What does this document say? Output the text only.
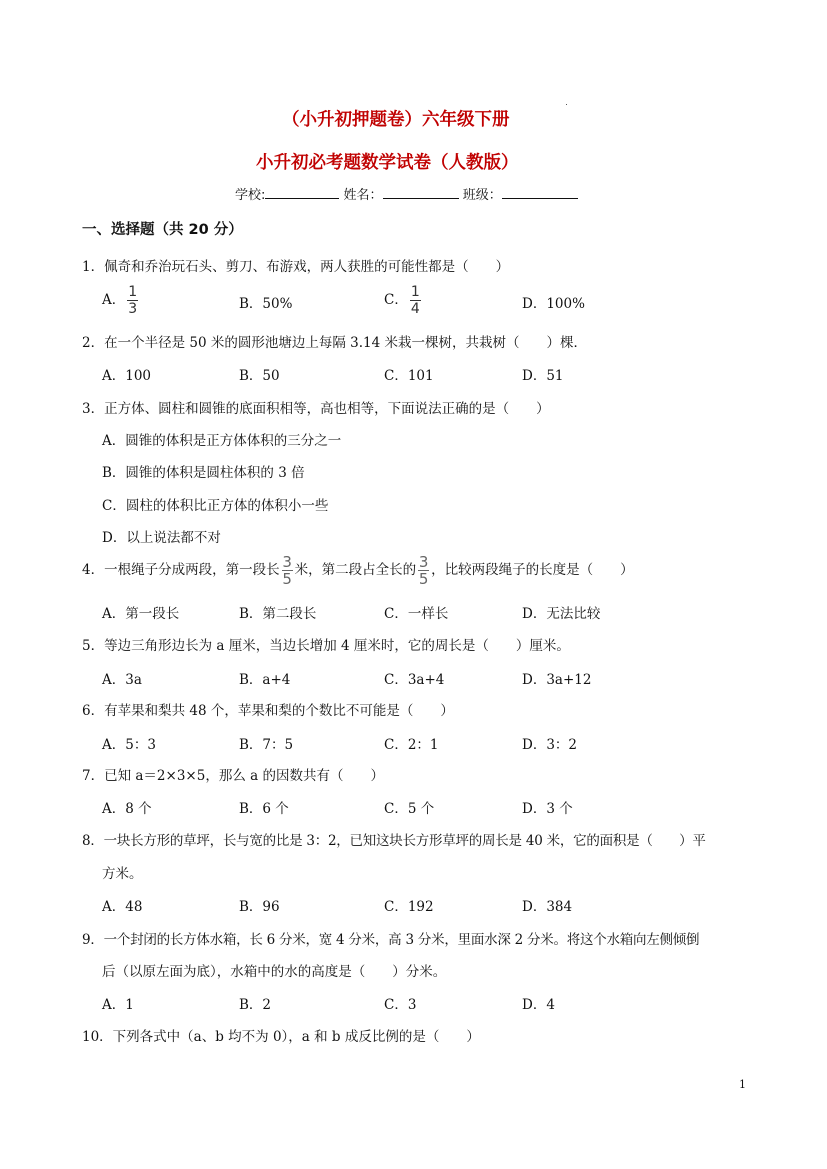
（小升初押题卷）六年级下册
小升初必考题数学试卷（人教版）
学校:	姓名：	班级：
一、选择题（共 20 分）
1．佩奇和乔治玩石头、剪刀、布游戏，两人获胜的可能性都是（　　）
A． $\frac{1}{3}$	B．50%	C． $\frac{1}{4}$	D．100%
2．在一个半径是 50 米的圆形池塘边上每隔 3.14 米栽一棵树，共栽树（　　）棵．
A．100	B．50	C．101	D．51
3．正方体、圆柱和圆锥的底面积相等，高也相等，下面说法正确的是（　　）
A．圆锥的体积是正方体体积的三分之一
B．圆锥的体积是圆柱体积的 3 倍
C．圆柱的体积比正方体的体积小一些
D．以上说法都不对
4．一根绳子分成两段，第一段长 $\frac{3}{5}$ 米，第二段占全长的 $\frac{3}{5}$ ，比较两段绳子的长度是（　　）
A．第一段长	B．第二段长	C．一样长	D．无法比较
5．等边三角形边长为 a 厘米，当边长增加 4 厘米时，它的周长是（　　）厘米。
A．3a	B．a+4	C．3a+4	D．3a+12
6．有苹果和梨共 48 个，苹果和梨的个数比不可能是（　　）
A．5：3	B．7：5	C．2：1	D．3：2
7．已知 a＝2×3×5，那么 a 的因数共有（　　）
A．8 个	B．6 个	C．5 个	D．3 个
8．一块长方形的草坪，长与宽的比是 3：2，已知这块长方形草坪的周长是 40 米，它的面积是（　　）平
方米。
A．48	B．96	C．192	D．384
9．一个封闭的长方体水箱，长 6 分米，宽 4 分米，高 3 分米，里面水深 2 分米。将这个水箱向左侧倾倒
后（以原左面为底），水箱中的水的高度是（　　）分米。
A．1	B．2	C．3	D．4
10．下列各式中（a、b 均不为 0），a 和 b 成反比例的是（　　）
1
